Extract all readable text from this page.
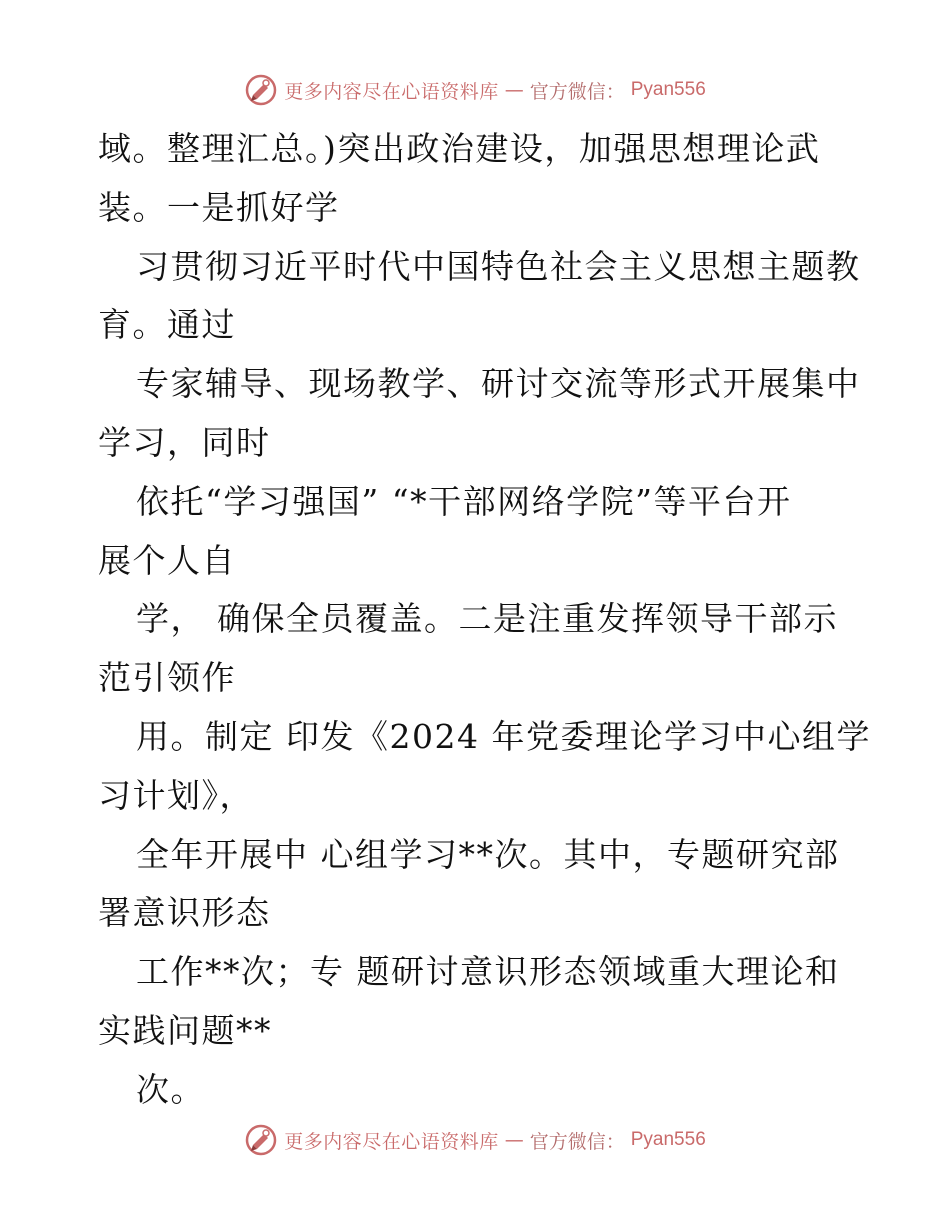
更多内容尽在心语资料库 — 官方微信： Pyan556
域。整理汇总。)突出政治建设，加强思想理论武
装。一是抓好学
习贯彻习近平时代中国特色社会主义思想主题教
育。通过
专家辅导、现场教学、研讨交流等形式开展集中
学习，同时
依托“学习强国” “*干部网络学院”等平台开
展个人自
学， 确保全员覆盖。二是注重发挥领导干部示
范引领作
用。制定 印发《2024 年党委理论学习中心组学
习计划》，
全年开展中 心组学习**次。其中，专题研究部
署意识形态
工作**次；专 题研讨意识形态领域重大理论和
实践问题**
次。
更多内容尽在心语资料库 — 官方微信： Pyan556
